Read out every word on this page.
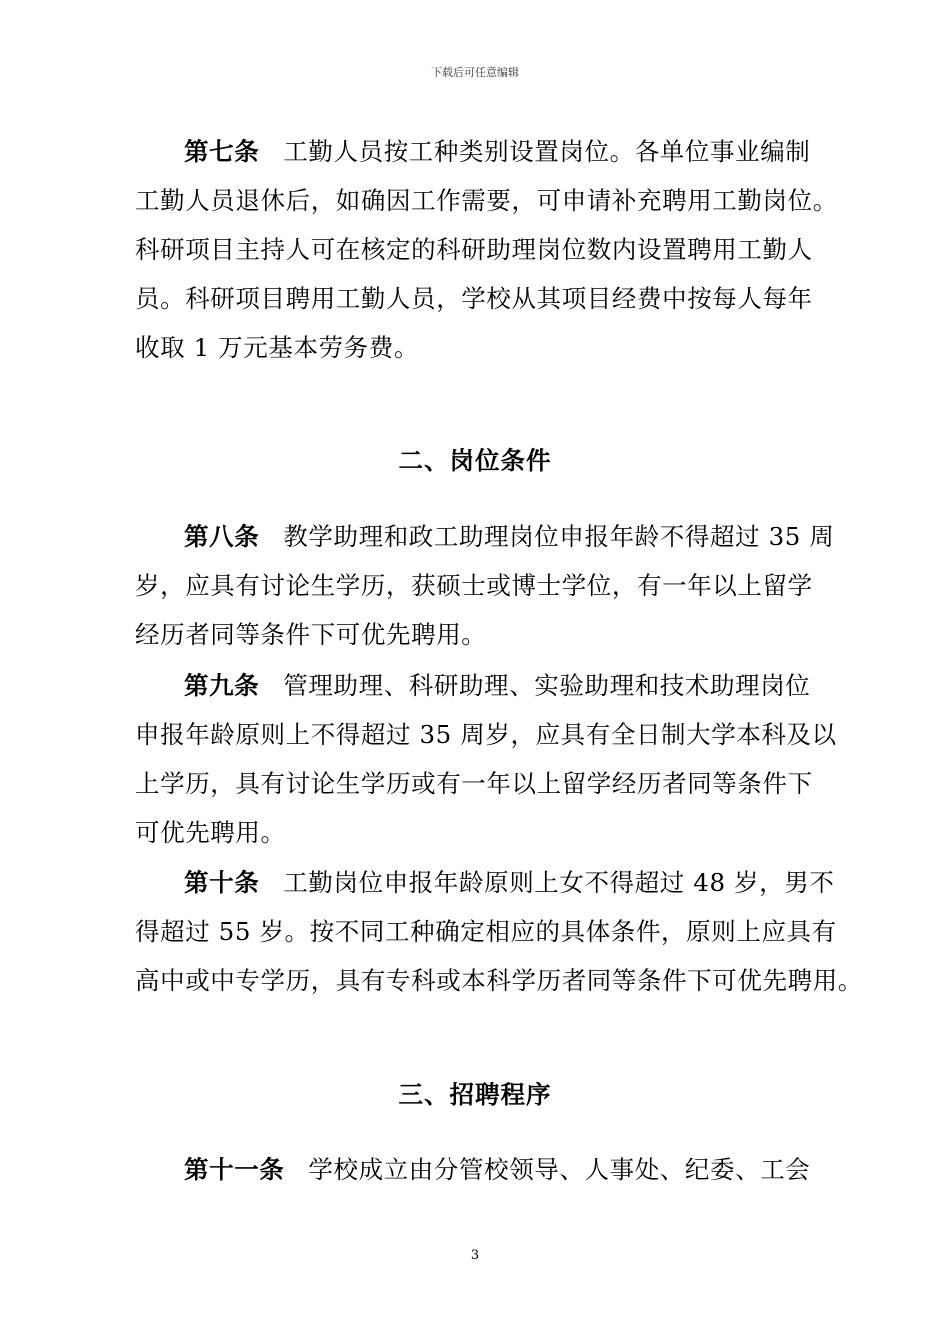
下载后可任意编辑
第七条 工勤人员按工种类别设置岗位。各单位事业编制
工勤人员退休后，如确因工作需要，可申请补充聘用工勤岗位。
科研项目主持人可在核定的科研助理岗位数内设置聘用工勤人
员。科研项目聘用工勤人员，学校从其项目经费中按每人每年
收取 1 万元基本劳务费。
二、岗位条件
第八条 教学助理和政工助理岗位申报年龄不得超过 35 周
岁，应具有讨论生学历，获硕士或博士学位，有一年以上留学
经历者同等条件下可优先聘用。
第九条 管理助理、科研助理、实验助理和技术助理岗位
申报年龄原则上不得超过 35 周岁，应具有全日制大学本科及以
上学历，具有讨论生学历或有一年以上留学经历者同等条件下
可优先聘用。
第十条 工勤岗位申报年龄原则上女不得超过 48 岁，男不
得超过 55 岁。按不同工种确定相应的具体条件，原则上应具有
高中或中专学历，具有专科或本科学历者同等条件下可优先聘用。
三、招聘程序
第十一条 学校成立由分管校领导、人事处、纪委、工会
3
